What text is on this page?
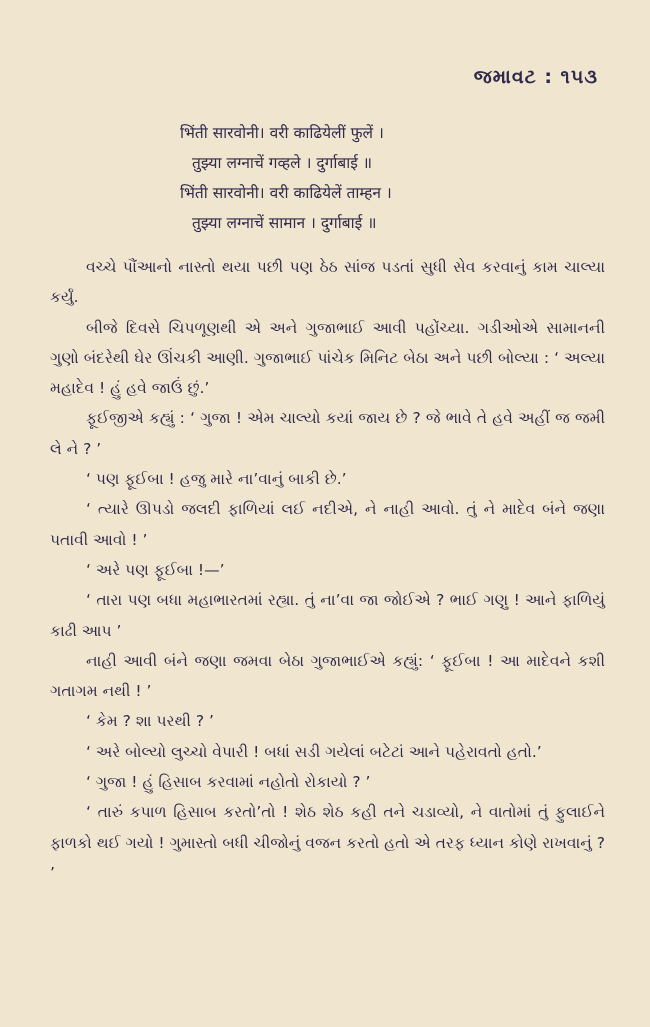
જમાવટ : ૧૫૩
भिंती सारवोनी। वरी काढियेलीं फुलें ।
तुझ्या लग्नाचें गव्हले । दुर्गाबाई ॥
भिंती सारवोनी। वरी काढियेलें ताम्हन ।
तुझ्या लग्नाचें सामान । दुर्गाबाई ॥

વચ્ચે પૌંઆનો નાસ્તો થયા પછી પણ ઠેઠ સાંજ પડતાં સુધી સેવ કરવાનું કામ ચાલ્યા કર્યું.

બીજે દિવસે ચિપળૂણથી એ અને ગુજાભાઈ આવી પહોંચ્યા. ગડીઓએ સામાનની ગુણો બંદરેથી ઘેર ઊંચકી આણી. ગુજાભાઈ પાંચેક મિનિટ બેઠા અને પછી બોલ્યા : ‘ અલ્યા મહાદેવ ! હું હવે જાઉં છું.’

ફૂઈજીએ કહ્યું : ‘ ગુજા ! એમ ચાલ્યો કયાં જાય છે ? જે ભાવે તે હવે અહીં જ જમી લે ને ? ’

‘ પણ ફૂઈબા ! હજુ મારે ના’વાનું બાકી છે.’

‘ ત્યારે ઊપડો જલદી ફાળિયાં લઈ નદીએ, ને નાહી આવો. તું ને માદેવ બંને જણા પતાવી આવો ! ’

‘ અરે પણ ફૂઈબા !—’

‘ તારા પણ બધા મહાભારતમાં રહ્યા. તું ના’વા જા જોઈએ ? ભાઈ ગણુ ! આને ફાળિયું કાઢી આપ ’

નાહી આવી બંને જણા જમવા બેઠા ગુજાભાઈએ કહ્યું: ‘ ફૂઈબા ! આ માદેવને કશી ગતાગમ નથી ! ’

‘ કેમ ? શા પરથી ? ’

‘ અરે બોલ્યો લુચ્ચો વેપારી ! બધાં સડી ગયેલાં બટેટાં આને પહેરાવતો હતો.’

‘ ગુજા ! હું હિસાબ કરવામાં નહોતો રોકાયો ? ’

‘ તારું કપાળ હિસાબ કરતો’તો ! શેઠ શેઠ કહી તને ચડાવ્યો, ને વાતોમાં તું ફુલાઈને ફાળકો થઈ ગયો ! ગુમાસ્તો બધી ચીજોનું વજન કરતો હતો એ તરફ ધ્યાન કોણે રાખવાનું ? ’
